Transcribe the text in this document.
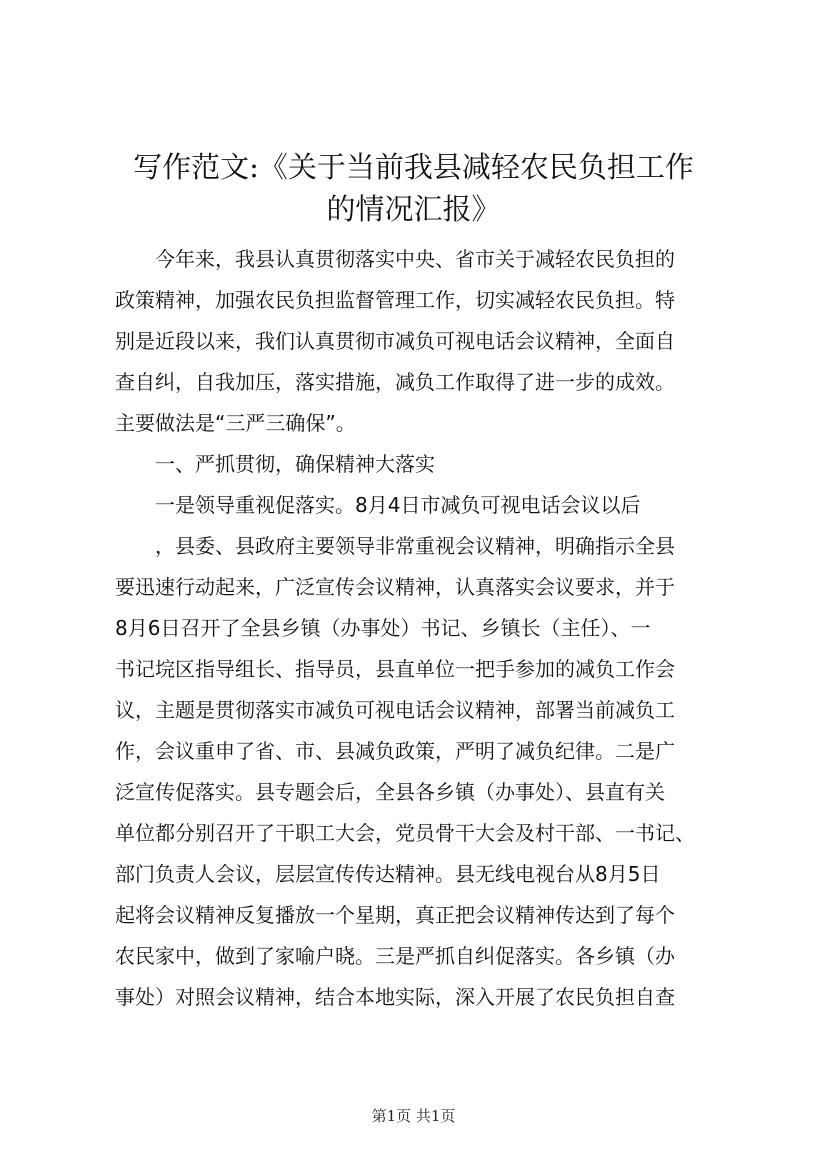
写作范文:《关于当前我县减轻农民负担工作
的情况汇报》
今年来，我县认真贯彻落实中央、省市关于减轻农民负担的
政策精神，加强农民负担监督管理工作，切实减轻农民负担。特
别是近段以来，我们认真贯彻市减负可视电话会议精神，全面自
查自纠，自我加压，落实措施，减负工作取得了进一步的成效。
主要做法是“三严三确保”。
一、严抓贯彻，确保精神大落实
一是领导重视促落实。8月4日市减负可视电话会议以后
，县委、县政府主要领导非常重视会议精神，明确指示全县
要迅速行动起来，广泛宣传会议精神，认真落实会议要求，并于
8月6日召开了全县乡镇（办事处）书记、乡镇长（主任）、一
书记垸区指导组长、指导员，县直单位一把手参加的减负工作会
议，主题是贯彻落实市减负可视电话会议精神，部署当前减负工
作，会议重申了省、市、县减负政策，严明了减负纪律。二是广
泛宣传促落实。县专题会后，全县各乡镇（办事处）、县直有关
单位都分别召开了干职工大会，党员骨干大会及村干部、一书记、
部门负责人会议，层层宣传传达精神。县无线电视台从8月5日
起将会议精神反复播放一个星期，真正把会议精神传达到了每个
农民家中，做到了家喻户晓。三是严抓自纠促落实。各乡镇（办
事处）对照会议精神，结合本地实际，深入开展了农民负担自查
第1页 共1页
